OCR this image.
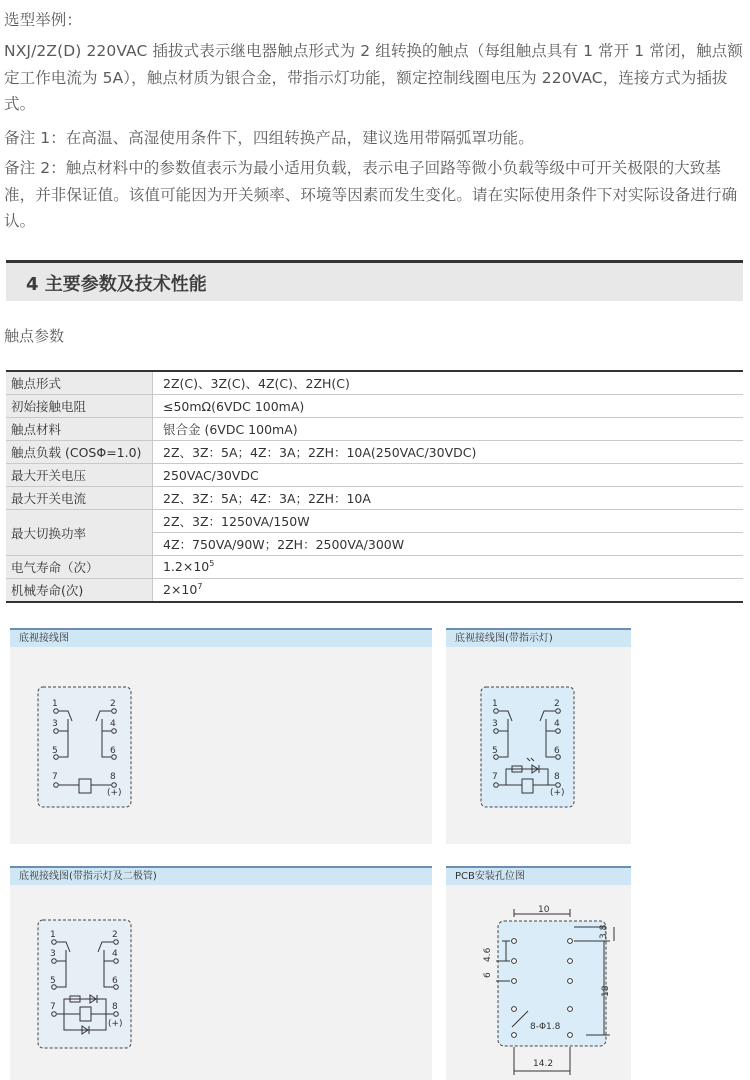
选型举例：
NXJ/2Z(D) 220VAC 插拔式表示继电器触点形式为 2 组转换的触点（每组触点具有 1 常开 1 常闭，触点额定工作电流为 5A），触点材质为银合金，带指示灯功能，额定控制线圈电压为 220VAC，连接方式为插拔式。
备注 1：在高温、高湿使用条件下，四组转换产品，建议选用带隔弧罩功能。
备注 2：触点材料中的参数值表示为最小适用负载，表示电子回路等微小负载等级中可开关极限的大致基准，并非保证值。该值可能因为开关频率、环境等因素而发生变化。请在实际使用条件下对实际设备进行确认。
4 主要参数及技术性能
触点参数
触点形式	2Z(C)、3Z(C)、4Z(C)、2ZH(C)
初始接触电阻	≤50mΩ(6VDC 100mA)
触点材料	银合金 (6VDC 100mA)
触点负载 (COSΦ=1.0)	2Z、3Z：5A；4Z：3A；2ZH：10A(250VAC/30VDC)
最大开关电压	250VAC/30VDC
最大开关电流	2Z、3Z：5A；4Z：3A；2ZH：10A
最大切换功率	2Z、3Z：1250VA/150W
	4Z：750VA/90W；2ZH：2500VA/300W
电气寿命（次）	$1.2\times 10^5$
机械寿命(次)	$2\times 10^7$
底视接线图
1	2
3	4
5	6
7	8
(+)
底视接线图(带指示灯)
1	2
3	4
5	6
7	8
(+)
底视接线图(带指示灯及二极管)
1	2
3	4
5	6
7	8
(+)
PCB安装孔位图
10
3.8
18
4.6
6
8-Φ1.8
14.2
